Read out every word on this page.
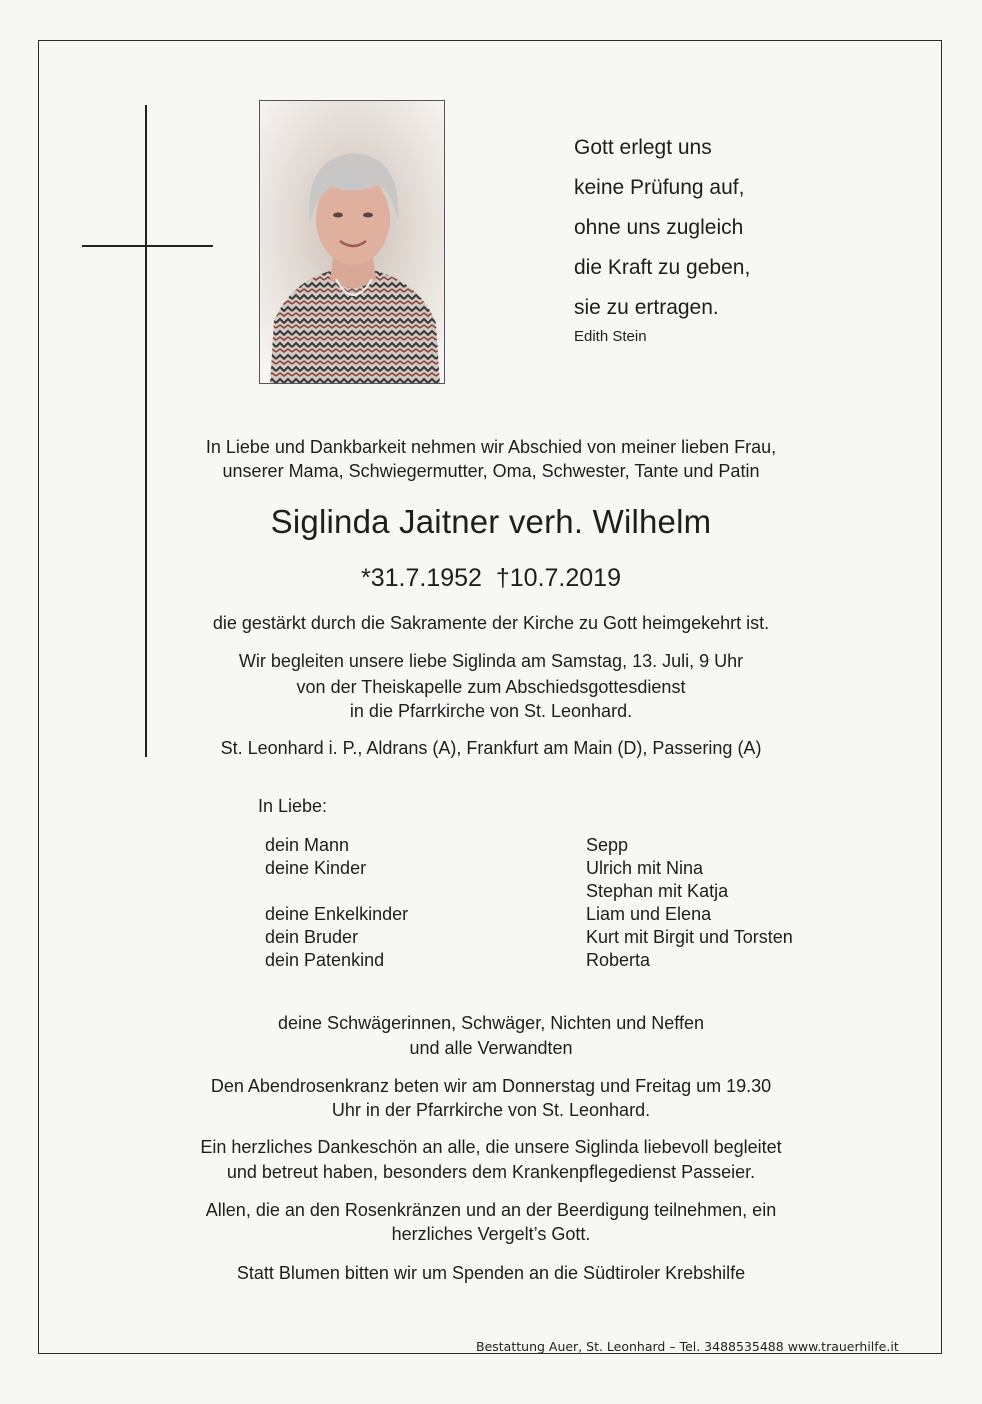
Gott erlegt uns
keine Prüfung auf,
ohne uns zugleich
die Kraft zu geben,
sie zu ertragen.
Edith Stein
In Liebe und Dankbarkeit nehmen wir Abschied von meiner lieben Frau,
unserer Mama, Schwiegermutter, Oma, Schwester, Tante und Patin
Siglinda Jaitner verh. Wilhelm
*31.7.1952  †10.7.2019
die gestärkt durch die Sakramente der Kirche zu Gott heimgekehrt ist.
Wir begleiten unsere liebe Siglinda am Samstag, 13. Juli, 9 Uhr
von der Theiskapelle zum Abschiedsgottesdienst
in die Pfarrkirche von St. Leonhard.
St. Leonhard i. P., Aldrans (A), Frankfurt am Main (D), Passering (A)
In Liebe:
dein Mann
deine Kinder
deine Enkelkinder
dein Bruder
dein Patenkind
Sepp
Ulrich mit Nina
Stephan mit Katja
Liam und Elena
Kurt mit Birgit und Torsten
Roberta
deine Schwägerinnen, Schwäger, Nichten und Neffen
und alle Verwandten
Den Abendrosenkranz beten wir am Donnerstag und Freitag um 19.30
Uhr in der Pfarrkirche von St. Leonhard.
Ein herzliches Dankeschön an alle, die unsere Siglinda liebevoll begleitet
und betreut haben, besonders dem Krankenpflegedienst Passeier.
Allen, die an den Rosenkränzen und an der Beerdigung teilnehmen, ein
herzliches Vergelt’s Gott.
Statt Blumen bitten wir um Spenden an die Südtiroler Krebshilfe
Bestattung Auer, St. Leonhard – Tel. 3488535488 www.trauerhilfe.it
